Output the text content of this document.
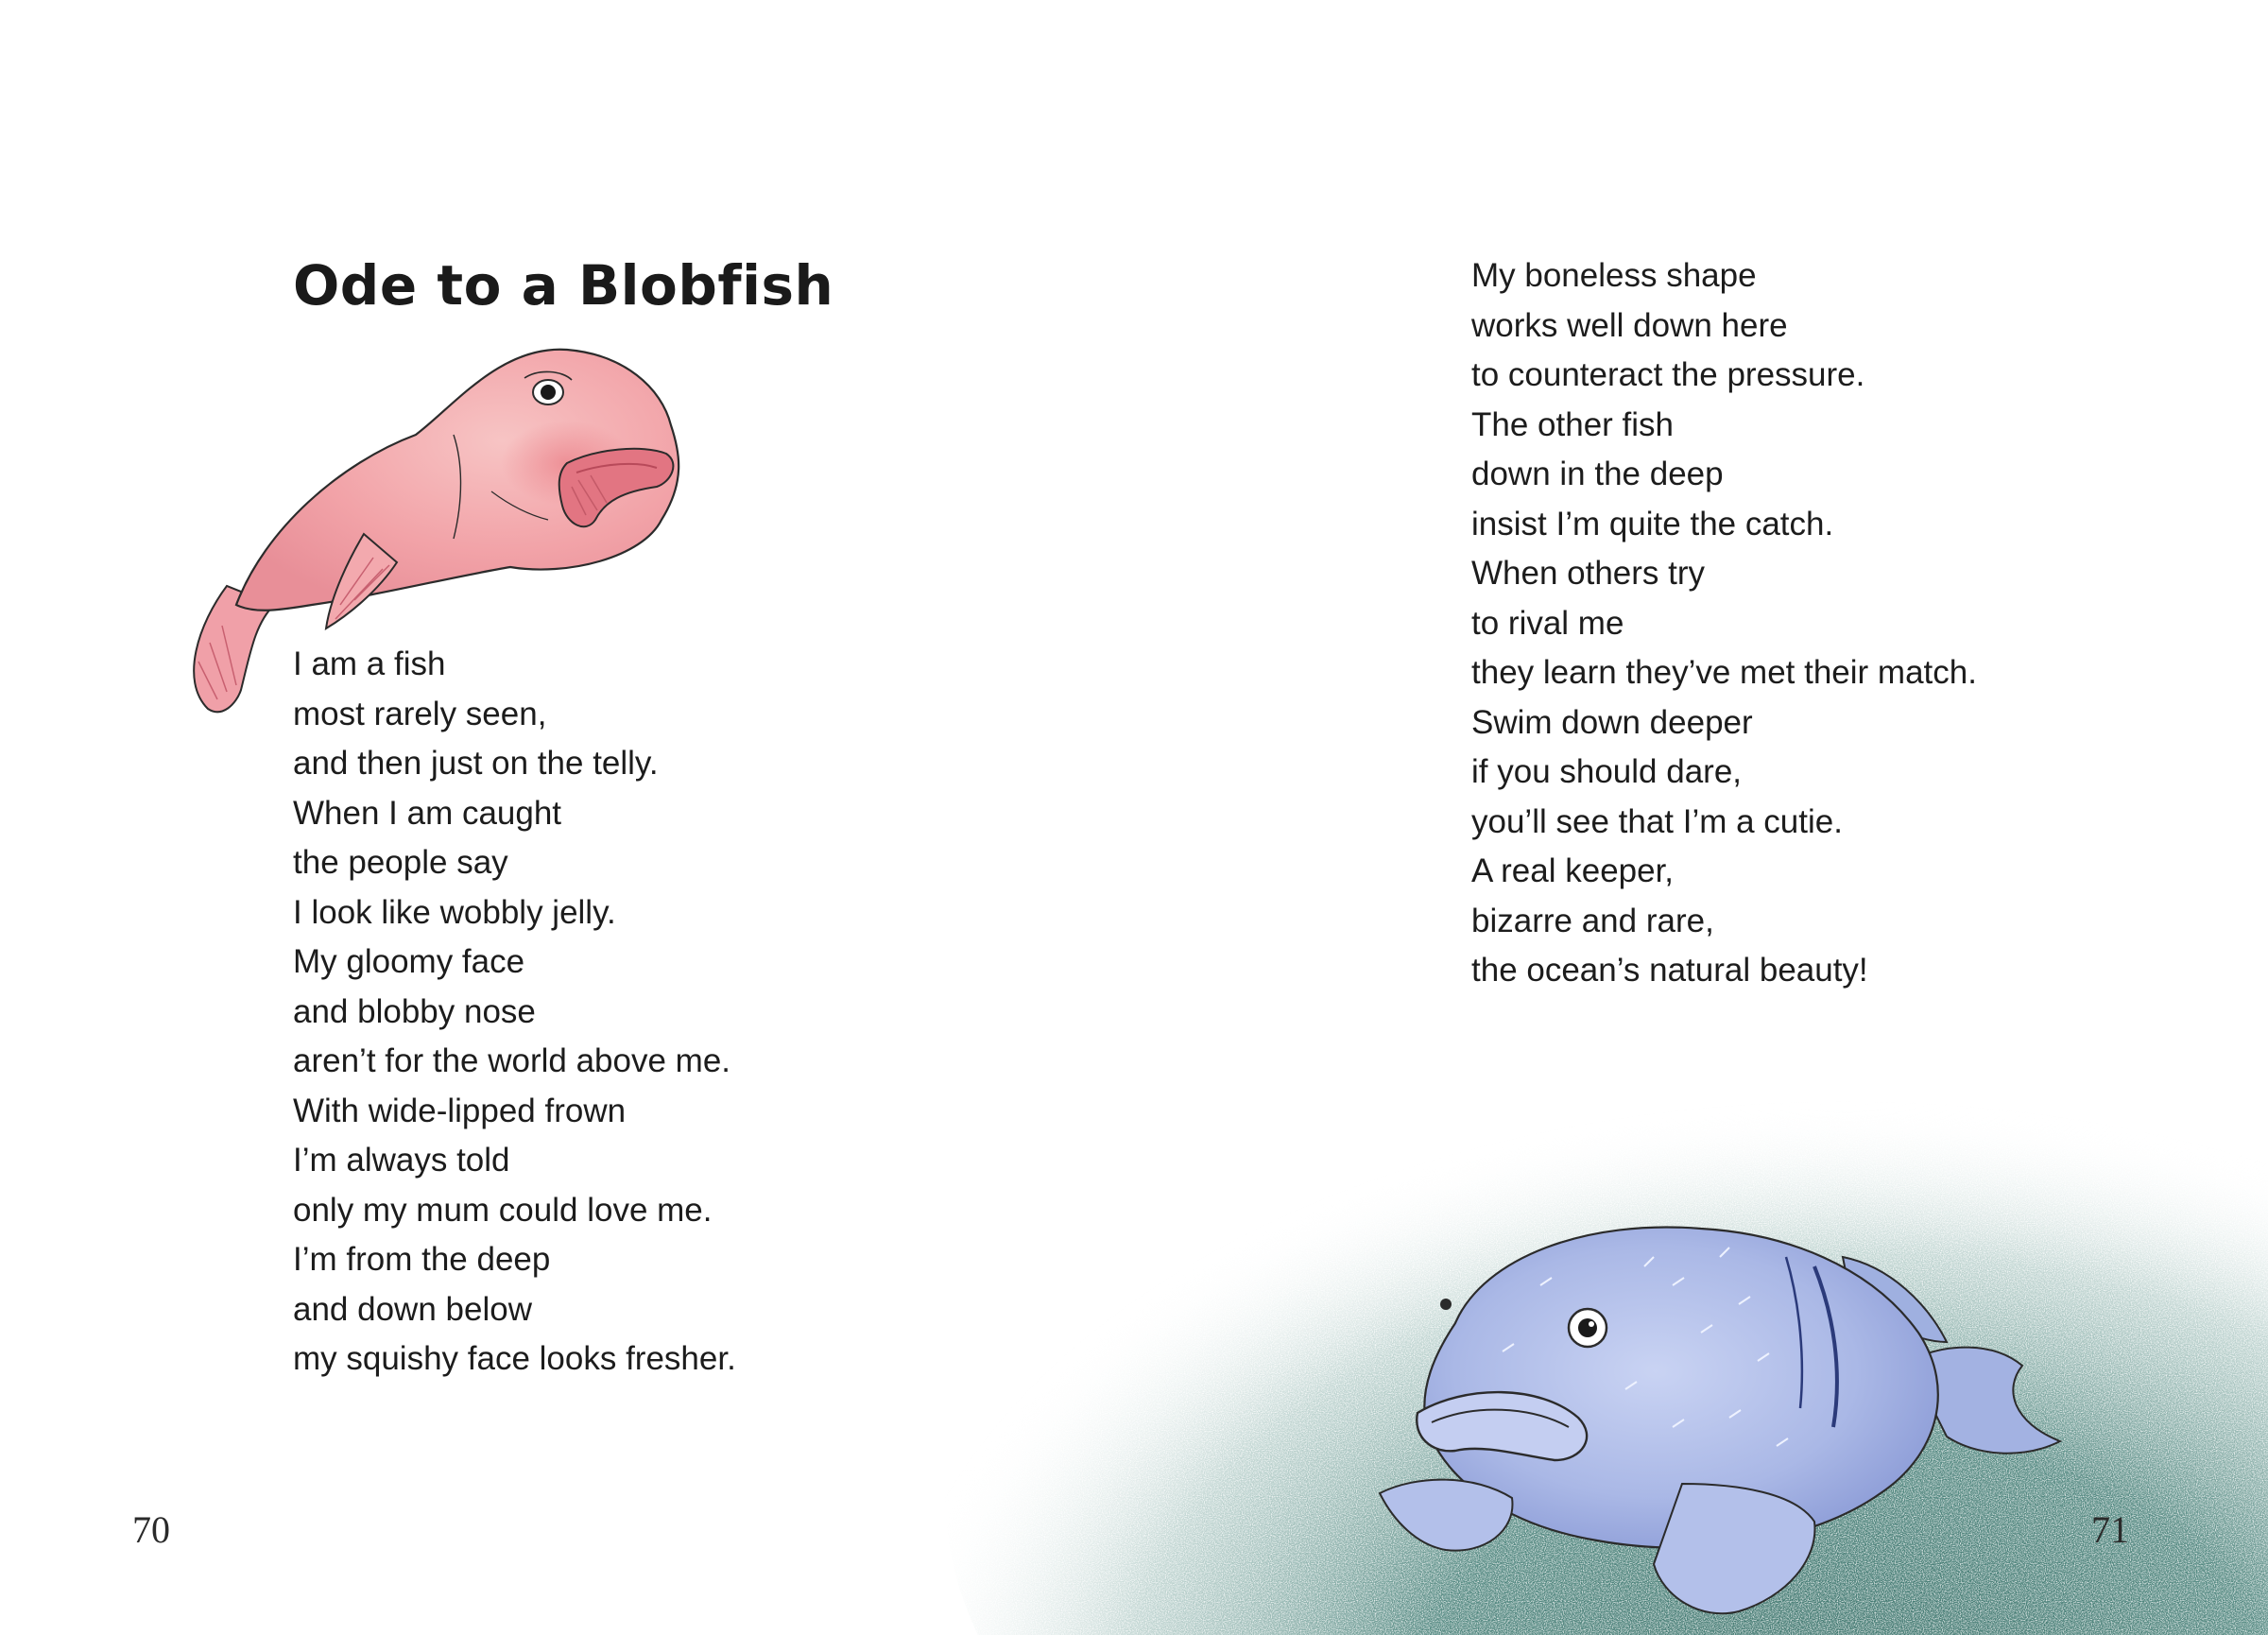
Ode to a Blobfish
I am a fish
most rarely seen,
and then just on the telly.
When I am caught
the people say
I look like wobbly jelly.
My gloomy face
and blobby nose
aren’t for the world above me.
With wide-lipped frown
I’m always told
only my mum could love me.
I’m from the deep
and down below
my squishy face looks fresher.
70
My boneless shape
works well down here
to counteract the pressure.
The other fish
down in the deep
insist I’m quite the catch.
When others try
to rival me
they learn they’ve met their match.
Swim down deeper
if you should dare,
you’ll see that I’m a cutie.
A real keeper,
bizarre and rare,
the ocean’s natural beauty!
71
